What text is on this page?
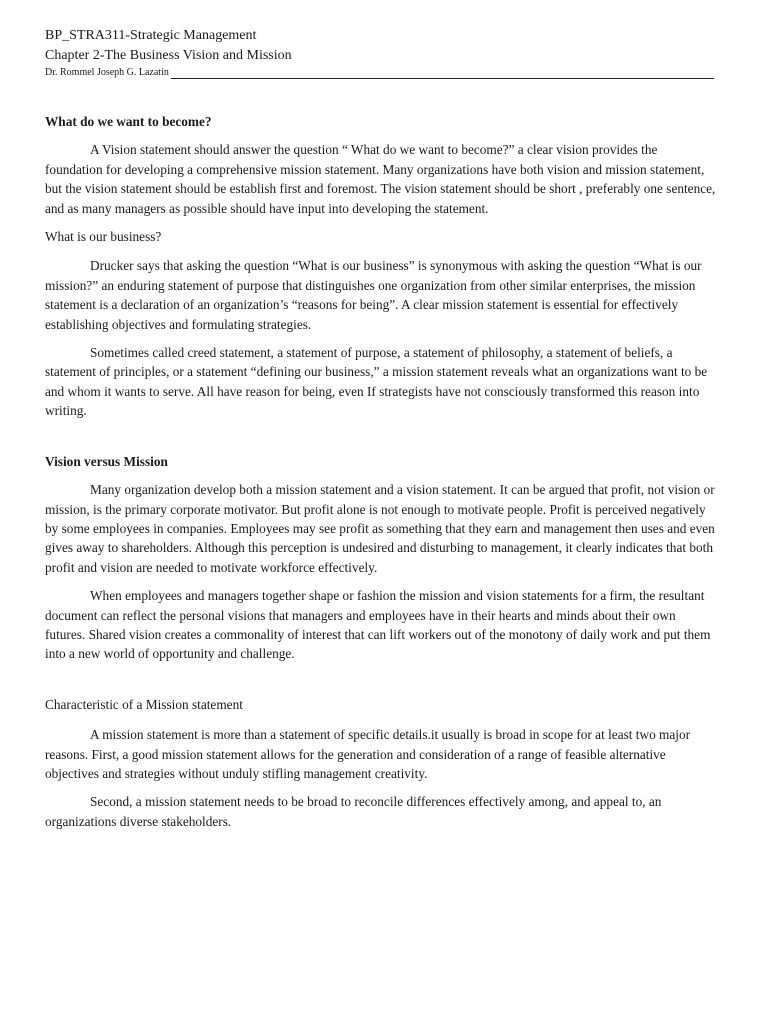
BP_STRA311-Strategic Management
Chapter 2-The Business Vision and Mission
Dr. Rommel Joseph G. Lazatin

What do we want to become?

A Vision statement should answer the question “ What do we want to become?” a clear vision provides the foundation for developing a comprehensive mission statement. Many organizations have both vision and mission statement, but the vision statement should be establish first and foremost. The vision statement should be short , preferably one sentence, and as many managers as possible should have input into developing the statement.

What is our business?

Drucker says that asking the question “What is our business” is synonymous with asking the question “What is our mission?” an enduring statement of purpose that distinguishes one organization from other similar enterprises, the mission statement is a declaration of an organization’s “reasons for being”. A clear mission statement is essential for effectively establishing objectives and formulating strategies.

Sometimes called creed statement, a statement of purpose, a statement of philosophy, a statement of beliefs, a statement of principles, or a statement “defining our business,” a mission statement reveals what an organizations want to be and whom it wants to serve. All have reason for being, even If strategists have not consciously transformed this reason into writing.

Vision versus Mission

Many organization develop both a mission statement and a vision statement. It can be argued that profit, not vision or mission, is the primary corporate motivator. But profit alone is not enough to motivate people. Profit is perceived negatively by some employees in companies. Employees may see profit as something that they earn and management then uses and even gives away to shareholders. Although this perception is undesired and disturbing to management, it clearly indicates that both profit and vision are needed to motivate workforce effectively.

When employees and managers together shape or fashion the mission and vision statements for a firm, the resultant document can reflect the personal visions that managers and employees have in their hearts and minds about their own futures. Shared vision creates a commonality of interest that can lift workers out of the monotony of daily work and put them into a new world of opportunity and challenge.

Characteristic of a Mission statement

A mission statement is more than a statement of specific details.it usually is broad in scope for at least two major reasons. First, a good mission statement allows for the generation and consideration of a range of feasible alternative objectives and strategies without unduly stifling management creativity.

Second, a mission statement needs to be broad to reconcile differences effectively among, and appeal to, an organizations diverse stakeholders.
